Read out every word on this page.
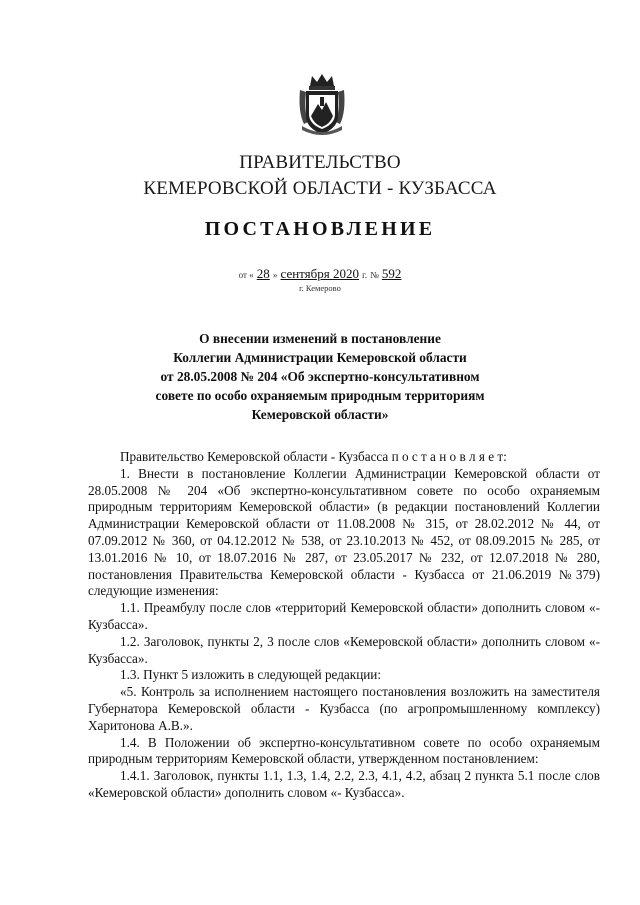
ПРАВИТЕЛЬСТВО
КЕМЕРОВСКОЙ ОБЛАСТИ - КУЗБАССА
ПОСТАНОВЛЕНИЕ
от « 28 » сентября 2020 г. № 592
г. Кемерово
О внесении изменений в постановление
Коллегии Администрации Кемеровской области
от 28.05.2008 № 204 «Об экспертно-консультативном
совете по особо охраняемым природным территориям
Кемеровской области»

Правительство Кемеровской области - Кузбасса п о с т а н о в л я е т:

1. Внести в постановление Коллегии Администрации Кемеровской области от 28.05.2008 № 204 «Об экспертно-консультативном совете по особо охраняемым природным территориям Кемеровской области» (в редакции постановлений Коллегии Администрации Кемеровской области от 11.08.2008 № 315, от 28.02.2012 № 44, от 07.09.2012 № 360, от 04.12.2012 № 538, от 23.10.2013 № 452, от 08.09.2015 № 285, от 13.01.2016 № 10, от 18.07.2016 № 287, от 23.05.2017 № 232, от 12.07.2018 № 280, постановления Правительства Кемеровской области - Кузбасса от 21.06.2019 №379) следующие изменения:

1.1. Преамбулу после слов «территорий Кемеровской области» дополнить словом «- Кузбасса».

1.2. Заголовок, пункты 2, 3 после слов «Кемеровской области» дополнить словом «- Кузбасса».

1.3. Пункт 5 изложить в следующей редакции:

«5. Контроль за исполнением настоящего постановления возложить на заместителя Губернатора Кемеровской области - Кузбасса (по агропромышленному комплексу) Харитонова А.В.».

1.4. В Положении об экспертно-консультативном совете по особо охраняемым природным территориям Кемеровской области, утвержденном постановлением:

1.4.1. Заголовок, пункты 1.1, 1.3, 1.4, 2.2, 2.3, 4.1, 4.2, абзац 2 пункта 5.1 после слов «Кемеровской области» дополнить словом «- Кузбасса».
